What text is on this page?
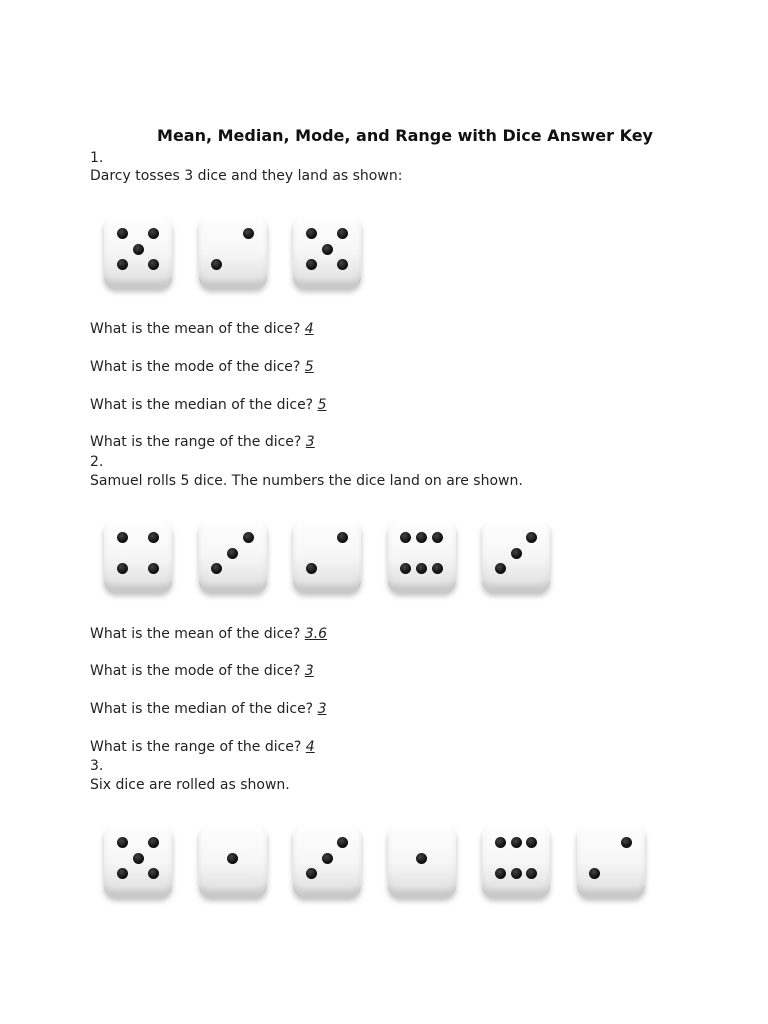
Mean, Median, Mode, and Range with Dice Answer Key
1.
Darcy tosses 3 dice and they land as shown:
What is the mean of the dice? 4
What is the mode of the dice? 5
What is the median of the dice? 5
What is the range of the dice? 3
2.
Samuel rolls 5 dice. The numbers the dice land on are shown.
What is the mean of the dice? 3.6
What is the mode of the dice? 3
What is the median of the dice? 3
What is the range of the dice? 4
3.
Six dice are rolled as shown.
